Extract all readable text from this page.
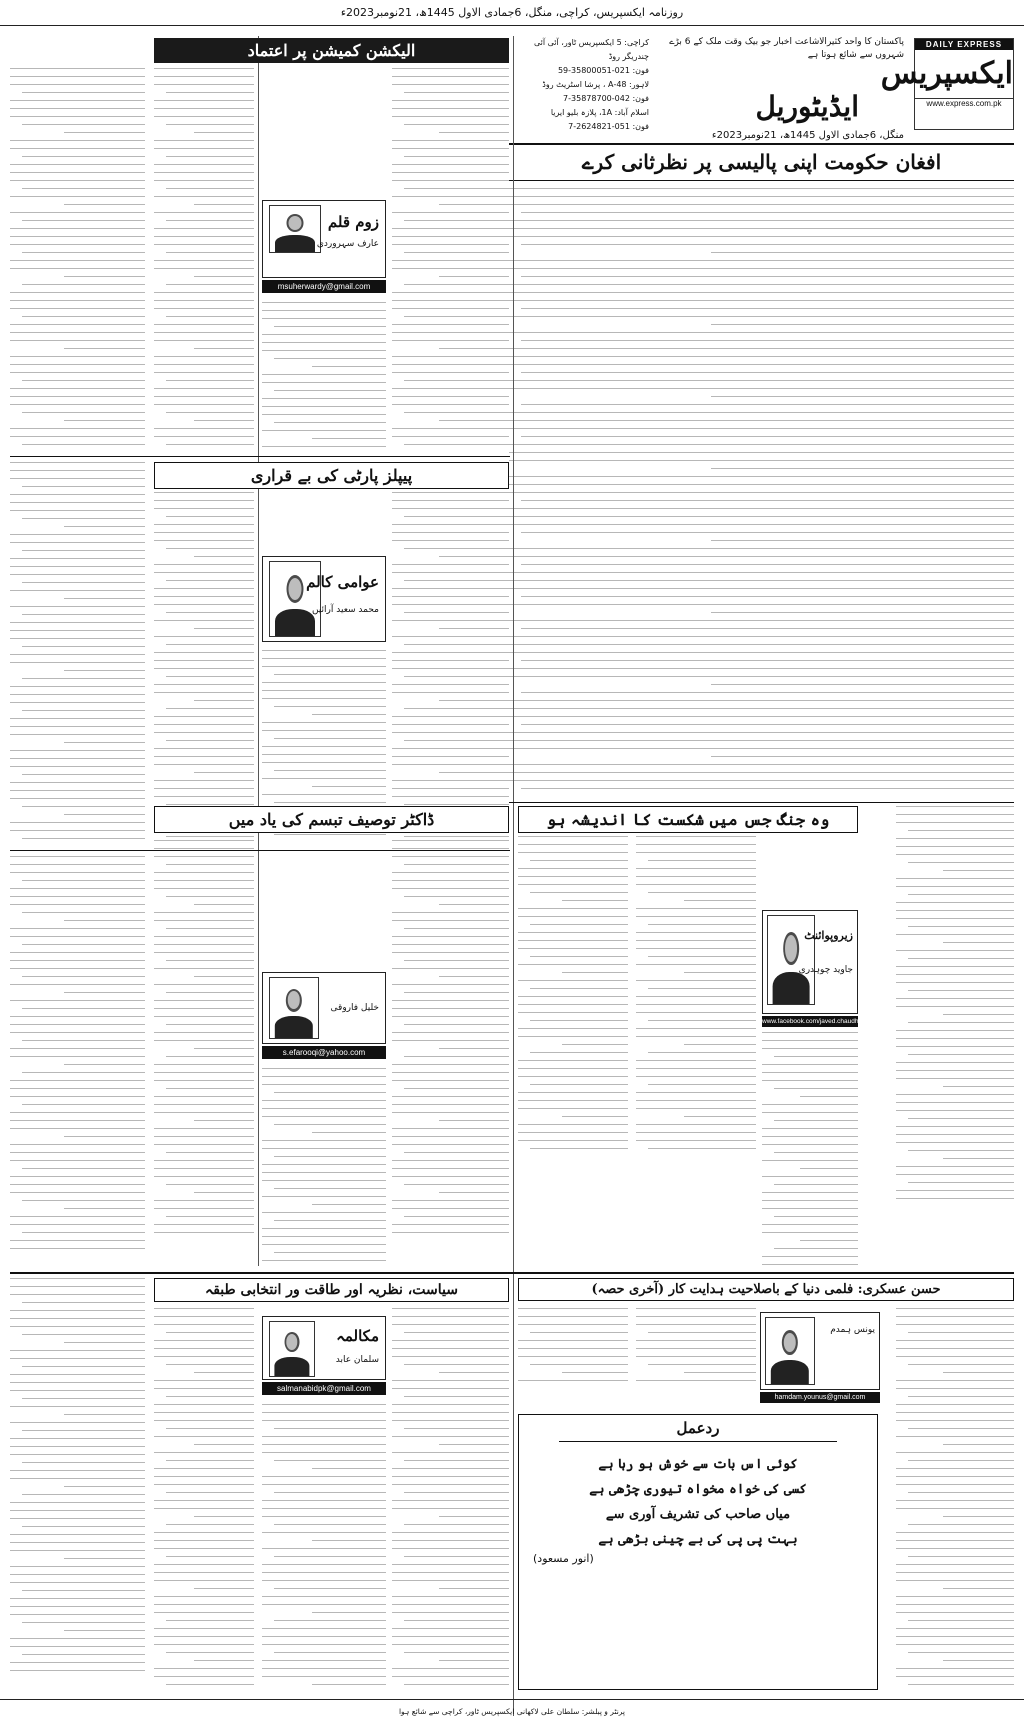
روزنامہ ایکسپریس، کراچی، منگل، 6جمادی الاول 1445ھ، 21نومبر2023ء
DAILY EXPRESS
ایکسپریس
www.express.com.pk
پاکستان کا واحد کثیرالاشاعت اخبار جو بیک وقت ملک کے 6 بڑے شہروں سے شائع ہوتا ہے
ایڈیٹوریل
منگل، 6جمادی الاول 1445ھ، 21نومبر2023ء
کراچی: 5 ایکسپریس ٹاور، آئی آئی چندریگر روڈ
فون: 021-35800051-59
لاہور: 48-A ، پرشا اسٹریٹ روڈ
فون: 042-35878700-7
اسلام آباد: 1A، پلازہ بلیو ایریا
فون: 051-2624821-7
افغان حکومت اپنی پالیسی پر نظرثانی کرے
الیکشن کمیشن پر اعتماد
زوم قلم
عارف سہروردی
msuherwardy@gmail.com
پیپلز پارٹی کی بے قراری
عوامی کالم
محمد سعید آرائیں
وہ جنگ جس میں شکست کا اندیشہ ہو
زیروپوائنٹ
جاوید چوہدری
www.facebook.com/javed.chaudhry
ڈاکٹر توصیف تبسم کی یاد میں
خلیل فاروقی
s.efarooqi@yahoo.com
سیاست، نظریہ اور طاقت ور انتخابی طبقہ
مکالمہ
سلمان عابد
salmanabidpk@gmail.com
حسن عسکری: فلمی دنیا کے باصلاحیت ہدایت کار (آخری حصہ)
یونس ہمدم
hamdam.younus@gmail.com
ردعمل
کوئی اس بات سے خوش ہو رہا ہے
کسی کی خواہ مخواہ تیوری چڑھی ہے
میاں صاحب کی تشریف آوری سے
بہت پی پی کی بے چینی بڑھی ہے
(انور مسعود)
پرنٹر و پبلشر: سلطان علی لاکھانی ایکسپریس ٹاور، کراچی سے شائع ہوا
